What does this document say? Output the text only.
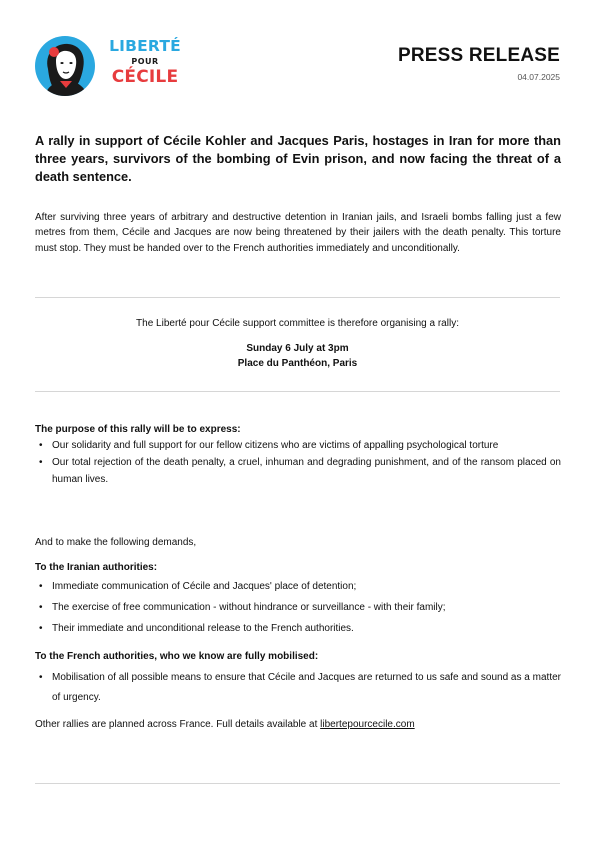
LIBERTÉ
POUR
CÉCILE
PRESS RELEASE
04.07.2025

A rally in support of Cécile Kohler and Jacques Paris, hostages in Iran for more than three years, survivors of the bombing of Evin prison, and now facing the threat of a death sentence.

After surviving three years of arbitrary and destructive detention in Iranian jails, and Israeli bombs falling just a few metres from them, Cécile and Jacques are now being threatened by their jailers with the death penalty. This torture must stop. They must be handed over to the French authorities immediately and unconditionally.

The Liberté pour Cécile support committee is therefore organising a rally:

Sunday 6 July at 3pm

Place du Panthéon, Paris

The purpose of this rally will be to express:

• Our solidarity and full support for our fellow citizens who are victims of appalling psychological torture
• Our total rejection of the death penalty, a cruel, inhuman and degrading punishment, and of the ransom placed on human lives.

And to make the following demands,

To the Iranian authorities:

• Immediate communication of Cécile and Jacques' place of detention;
• The exercise of free communication - without hindrance or surveillance - with their family;
• Their immediate and unconditional release to the French authorities.

To the French authorities, who we know are fully mobilised:

• Mobilisation of all possible means to ensure that Cécile and Jacques are returned to us safe and sound as a matter of urgency.

Other rallies are planned across France. Full details available at libertepourcecile.com
